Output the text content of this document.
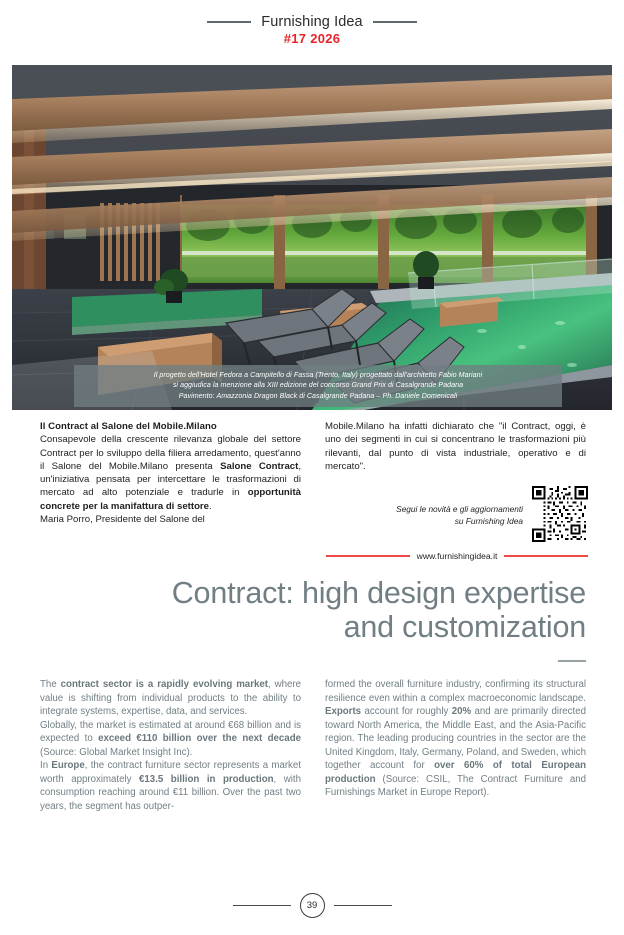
Furnishing Idea
#17 2026
Il progetto dell'Hotel Fedora a Campitello di Fassa (Trento, Italy) progettato dall'architetto Fabio Mariani
si aggiudica la menzione alla XIII edizione del concorso Grand Prix di Casalgrande Padana
Pavimento: Amazzonia Dragon Black di Casalgrande Padana – Ph. Daniele Domenicali
Il Contract al Salone del Mobile.Milano
Consapevole della crescente rilevanza globale del settore Contract per lo sviluppo della filiera arredamento, quest'anno il Salone del Mobile.Milano presenta Salone Contract, un'iniziativa pensata per intercettare le trasformazioni di mercato ad alto potenziale e tradurle in opportunità concrete per la manifattura di settore.
Maria Porro, Presidente del Salone del
Mobile.Milano ha infatti dichiarato che "il Contract, oggi, è uno dei segmenti in cui si concentrano le trasformazioni più rilevanti, dal punto di vista industriale, operativo e di mercato".
Segui le novità e gli aggiornamenti
su Furnishing Idea
www.furnishingidea.it
Contract: high design expertise
and customization
The contract sector is a rapidly evolving market, where value is shifting from individual products to the ability to integrate systems, expertise, data, and services.
Globally, the market is estimated at around €68 billion and is expected to exceed €110 billion over the next decade (Source: Global Market Insight Inc).
In Europe, the contract furniture sector represents a market worth approximately €13.5 billion in production, with consumption reaching around €11 billion. Over the past two years, the segment has outper-
formed the overall furniture industry, confirming its structural resilience even within a complex macroeconomic landscape. Exports account for roughly 20% and are primarily directed toward North America, the Middle East, and the Asia-Pacific region. The leading producing countries in the sector are the United Kingdom, Italy, Germany, Poland, and Sweden, which together account for over 60% of total European production (Source: CSIL, The Contract Furniture and Furnishings Market in Europe Report).
39
